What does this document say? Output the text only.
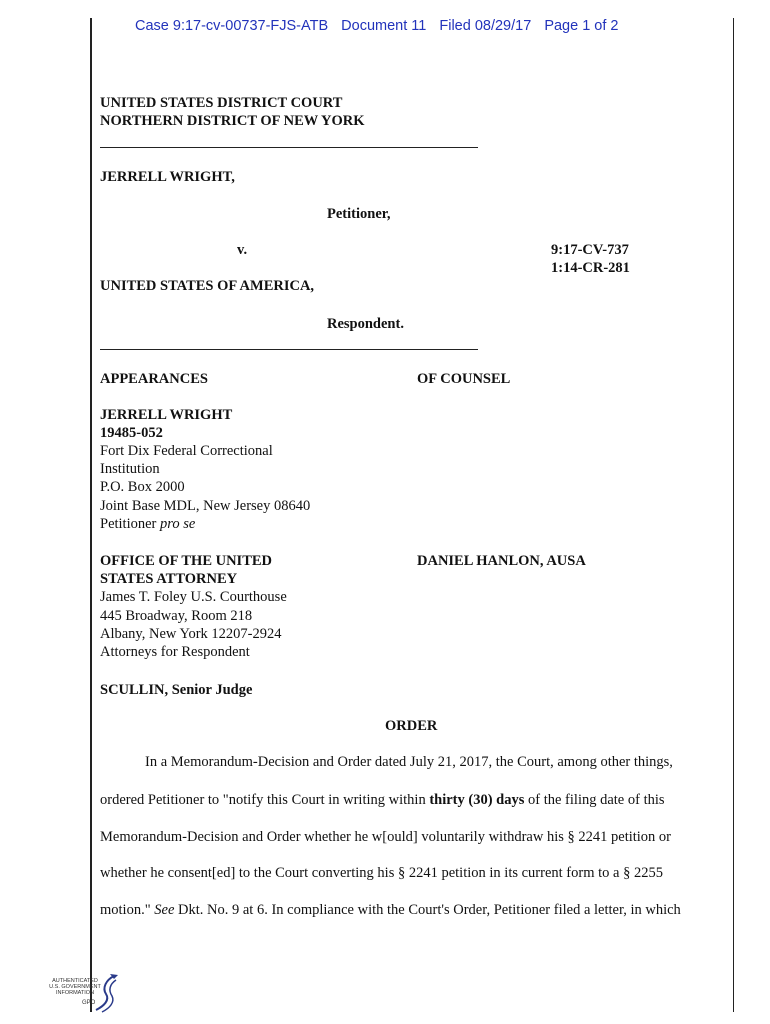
Case 9:17-cv-00737-FJS-ATB Document 11 Filed 08/29/17 Page 1 of 2
UNITED STATES DISTRICT COURT
NORTHERN DISTRICT OF NEW YORK
JERRELL WRIGHT,
Petitioner,
v.	9:17-CV-737
1:14-CR-281
UNITED STATES OF AMERICA,
Respondent.
APPEARANCES	OF COUNSEL
JERRELL WRIGHT
19485-052
Fort Dix Federal Correctional
Institution
P.O. Box 2000
Joint Base MDL, New Jersey 08640
Petitioner pro se
OFFICE OF THE UNITED	DANIEL HANLON, AUSA
STATES ATTORNEY
James T. Foley U.S. Courthouse
445 Broadway, Room 218
Albany, New York 12207-2924
Attorneys for Respondent
SCULLIN, Senior Judge
ORDER
In a Memorandum-Decision and Order dated July 21, 2017, the Court, among other things,
ordered Petitioner to "notify this Court in writing within thirty (30) days of the filing date of this
Memorandum-Decision and Order whether he w[ould] voluntarily withdraw his § 2241 petition or
whether he consent[ed] to the Court converting his § 2241 petition in its current form to a § 2255
motion." See Dkt. No. 9 at 6. In compliance with the Court's Order, Petitioner filed a letter, in which
AUTHENTICATED
U.S. GOVERNMENT
INFORMATION
GPO
